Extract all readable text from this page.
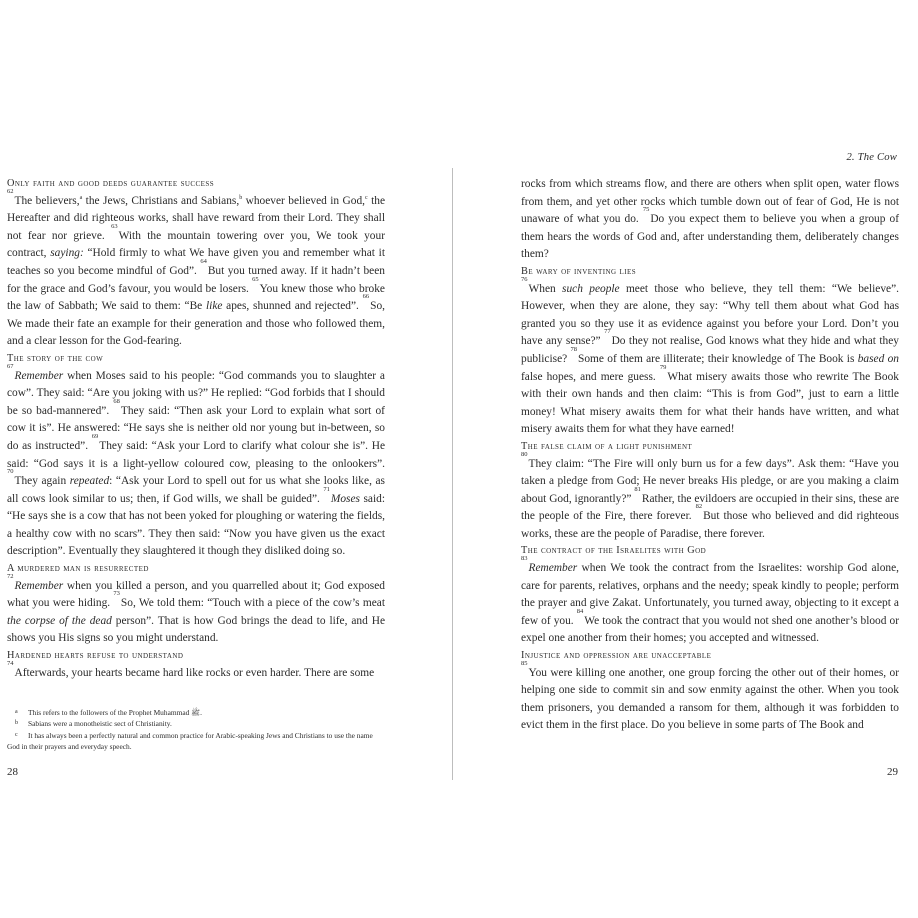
Only faith and good deeds guarantee success

$^{62}$The believers,$^a$ the Jews, Christians and Sabians,$^b$ whoever believed in God,$^c$ the Hereafter and did righteous works, shall have reward from their Lord. They shall not fear nor grieve. $^{63}$With the mountain towering over you, We took your contract, saying: “Hold firmly to what We have given you and remember what it teaches so you become mindful of God”. $^{64}$But you turned away. If it hadn’t been for the grace and God’s favour, you would be losers. $^{65}$You knew those who broke the law of Sabbath; We said to them: “Be like apes, shunned and rejected”. $^{66}$So, We made their fate an example for their generation and those who followed them, and a clear lesson for the God-fearing.

The story of the cow

$^{67}$Remember when Moses said to his people: “God commands you to slaughter a cow”. They said: “Are you joking with us?” He replied: “God forbids that I should be so bad-mannered”. $^{68}$They said: “Then ask your Lord to explain what sort of cow it is”. He answered: “He says she is neither old nor young but in-between, so do as instructed”. $^{69}$They said: “Ask your Lord to clarify what colour she is”. He said: “God says it is a light-yellow coloured cow, pleasing to the onlookers”. $^{70}$They again repeated: “Ask your Lord to spell out for us what she looks like, as all cows look similar to us; then, if God wills, we shall be guided”. $^{71}$Moses said: “He says she is a cow that has not been yoked for ploughing or watering the fields, a healthy cow with no scars”. They then said: “Now you have given us the exact description”. Eventually they slaughtered it though they disliked doing so.

A murdered man is resurrected

$^{72}$Remember when you killed a person, and you quarrelled about it; God exposed what you were hiding. $^{73}$So, We told them: “Touch with a piece of the cow’s meat the corpse of the dead person”. That is how God brings the dead to life, and He shows you His signs so you might understand.

Hardened hearts refuse to understand

$^{74}$Afterwards, your hearts became hard like rocks or even harder. There are some

a This refers to the followers of the Prophet Muhammad ﷺ.

b Sabians were a monotheistic sect of Christianity.

c It has always been a perfectly natural and common practice for Arabic-speaking Jews and Christians to use the name God in their prayers and everyday speech.

28
2. The Cow

rocks from which streams flow, and there are others when split open, water flows from them, and yet other rocks which tumble down out of fear of God, He is not unaware of what you do. $^{75}$Do you expect them to believe you when a group of them hears the words of God and, after understanding them, deliberately changes them?

Be wary of inventing lies

$^{76}$When such people meet those who believe, they tell them: “We believe”. However, when they are alone, they say: “Why tell them about what God has granted you so they use it as evidence against you before your Lord. Don’t you have any sense?” $^{77}$Do they not realise, God knows what they hide and what they publicise? $^{78}$Some of them are illiterate; their knowledge of The Book is based on false hopes, and mere guess. $^{79}$What misery awaits those who rewrite The Book with their own hands and then claim: “This is from God”, just to earn a little money! What misery awaits them for what their hands have written, and what misery awaits them for what they have earned!

The false claim of a light punishment

$^{80}$They claim: “The Fire will only burn us for a few days”. Ask them: “Have you taken a pledge from God; He never breaks His pledge, or are you making a claim about God, ignorantly?” $^{81}$Rather, the evildoers are occupied in their sins, these are the people of the Fire, there forever. $^{82}$But those who believed and did righteous works, these are the people of Paradise, there forever.

The contract of the Israelites with God

$^{83}$Remember when We took the contract from the Israelites: worship God alone, care for parents, relatives, orphans and the needy; speak kindly to people; perform the prayer and give Zakat. Unfortunately, you turned away, objecting to it except a few of you. $^{84}$We took the contract that you would not shed one another’s blood or expel one another from their homes; you accepted and witnessed.

Injustice and oppression are unacceptable

$^{85}$You were killing one another, one group forcing the other out of their homes, or helping one side to commit sin and sow enmity against the other. When you took them prisoners, you demanded a ransom for them, although it was forbidden to evict them in the first place. Do you believe in some parts of The Book and

29
